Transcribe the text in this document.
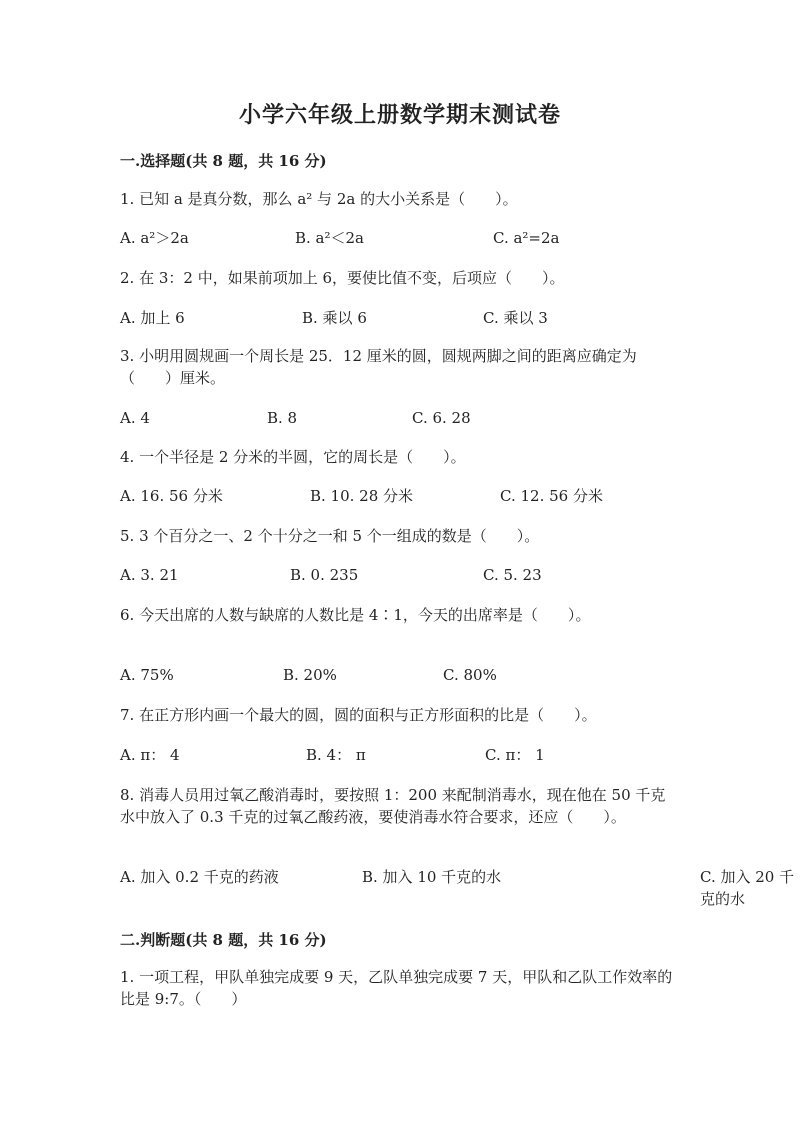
小学六年级上册数学期末测试卷
一.选择题(共 8 题，共 16 分)
1. 已知 a 是真分数，那么 a² 与 2a 的大小关系是（　　）。
A. a²＞2a	B. a²＜2a	C. a²=2a
2. 在 3：2 中，如果前项加上 6，要使比值不变，后项应（　　）。
A. 加上 6	B. 乘以 6	C. 乘以 3
3. 小明用圆规画一个周长是 25．12 厘米的圆，圆规两脚之间的距离应确定为（　　）厘米。
A. 4	B. 8	C. 6. 28
4. 一个半径是 2 分米的半圆，它的周长是（　　）。
A. 16. 56 分米	B. 10. 28 分米	C. 12. 56 分米
5. 3 个百分之一、2 个十分之一和 5 个一组成的数是（　　）。
A. 3. 21	B. 0. 235	C. 5. 23
6. 今天出席的人数与缺席的人数比是 4∶1，今天的出席率是（　　）。
A. 75%	B. 20%	C. 80%
7. 在正方形内画一个最大的圆，圆的面积与正方形面积的比是（　　）。
A. π： 4	B. 4： π	C. π： 1
8. 消毒人员用过氧乙酸消毒时，要按照 1：200 来配制消毒水，现在他在 50 千克水中放入了 0.3 千克的过氧乙酸药液，要使消毒水符合要求，还应（　　）。
A. 加入 0.2 千克的药液	B. 加入 10 千克的水	C. 加入 20 千克的水
二.判断题(共 8 题，共 16 分)
1. 一项工程，甲队单独完成要 9 天，乙队单独完成要 7 天，甲队和乙队工作效率的比是 9:7。（　　）
